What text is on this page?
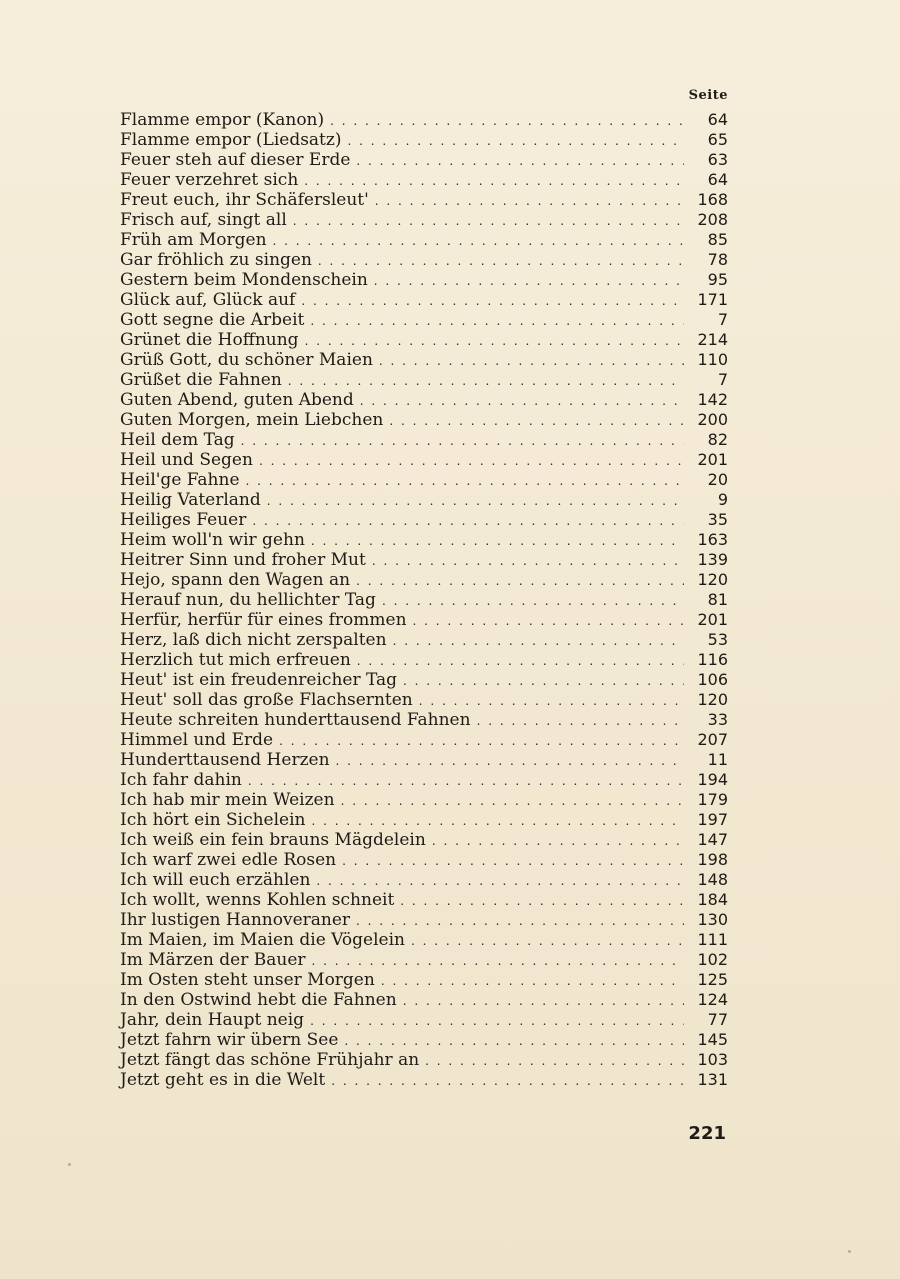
Seite
Flamme empor (Kanon) . . .	64
Flamme empor (Liedsatz) . . .	65
Feuer steh auf dieser Erde . . .	63
Feuer verzehret sich . . .	64
Freut euch, ihr Schäfersleut' . . .	168
Frisch auf, singt all . . .	208
Früh am Morgen . . .	85
Gar fröhlich zu singen . . .	78
Gestern beim Mondenschein . . .	95
Glück auf, Glück auf . . .	171
Gott segne die Arbeit . . .	7
Grünet die Hoffnung . . .	214
Grüß Gott, du schöner Maien . . .	110
Grüßet die Fahnen . . .	7
Guten Abend, guten Abend . . .	142
Guten Morgen, mein Liebchen . . .	200
Heil dem Tag . . .	82
Heil und Segen . . .	201
Heil'ge Fahne . . .	20
Heilig Vaterland . . .	9
Heiliges Feuer . . .	35
Heim woll'n wir gehn . . .	163
Heitrer Sinn und froher Mut . . .	139
Hejo, spann den Wagen an . . .	120
Herauf nun, du hellichter Tag . . .	81
Herfür, herfür für eines frommen . . .	201
Herz, laß dich nicht zerspalten . . .	53
Herzlich tut mich erfreuen . . .	116
Heut' ist ein freudenreicher Tag . . .	106
Heut' soll das große Flachsernten . . .	120
Heute schreiten hunderttausend Fahnen . . .	33
Himmel und Erde . . .	207
Hunderttausend Herzen . . .	11
Ich fahr dahin . . .	194
Ich hab mir mein Weizen . . .	179
Ich hört ein Sichelein . . .	197
Ich weiß ein fein brauns Mägdelein . . .	147
Ich warf zwei edle Rosen . . .	198
Ich will euch erzählen . . .	148
Ich wollt, wenns Kohlen schneit . . .	184
Ihr lustigen Hannoveraner . . .	130
Im Maien, im Maien die Vögelein . . .	111
Im Märzen der Bauer . . .	102
Im Osten steht unser Morgen . . .	125
In den Ostwind hebt die Fahnen . . .	124
Jahr, dein Haupt neig . . .	77
Jetzt fahrn wir übern See . . .	145
Jetzt fängt das schöne Frühjahr an . . .	103
Jetzt geht es in die Welt . . .	131
221
